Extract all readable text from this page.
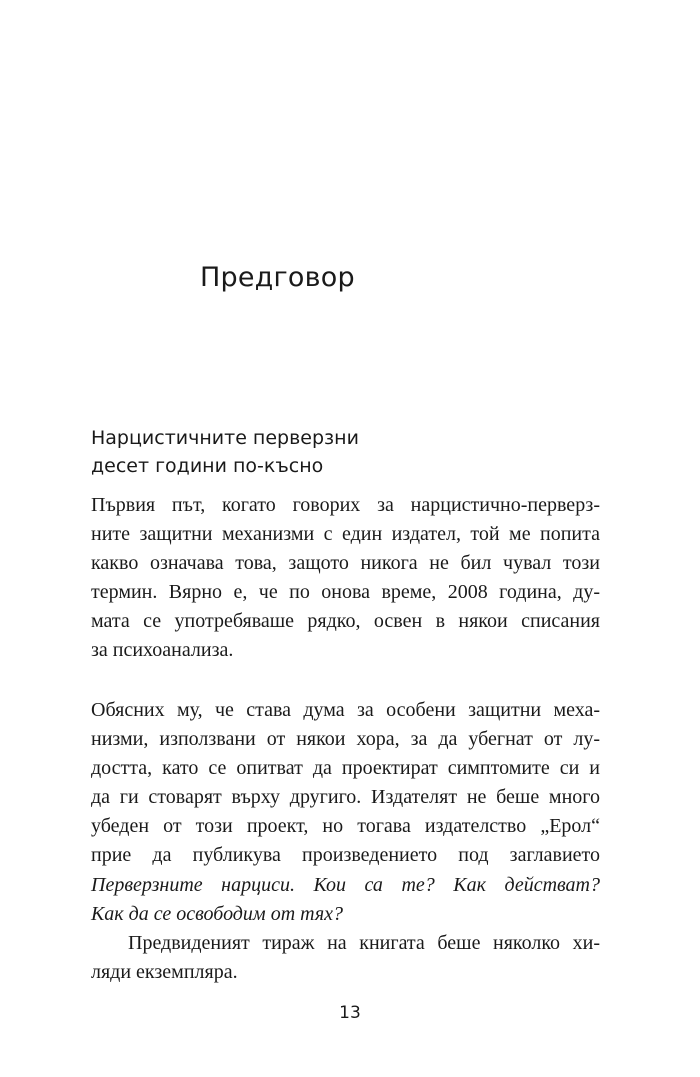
Предговор
Нарцистичните перверзни
десет години по-късно
Първия път, когато говорих за нарцистично-перверз-
ните защитни механизми с един издател, той ме попита
какво означава това, защото никога не бил чувал този
термин. Вярно е, че по онова време, 2008 година, ду-
мата се употребяваше рядко, освен в някои списания
за психоанализа.
Обясних му, че става дума за особени защитни меха-
низми, използвани от някои хора, за да убегнат от лу-
достта, като се опитват да проектират симптомите си и
да ги стоварят върху другиго. Издателят не беше много
убеден от този проект, но тогава издателство „Ерол“
прие да публикува произведението под заглавието
Перверзните нарциси. Кои са те? Как действат?
Как да се освободим от тях?
Предвиденият тираж на книгата беше няколко хи-
ляди екземпляра.

13
